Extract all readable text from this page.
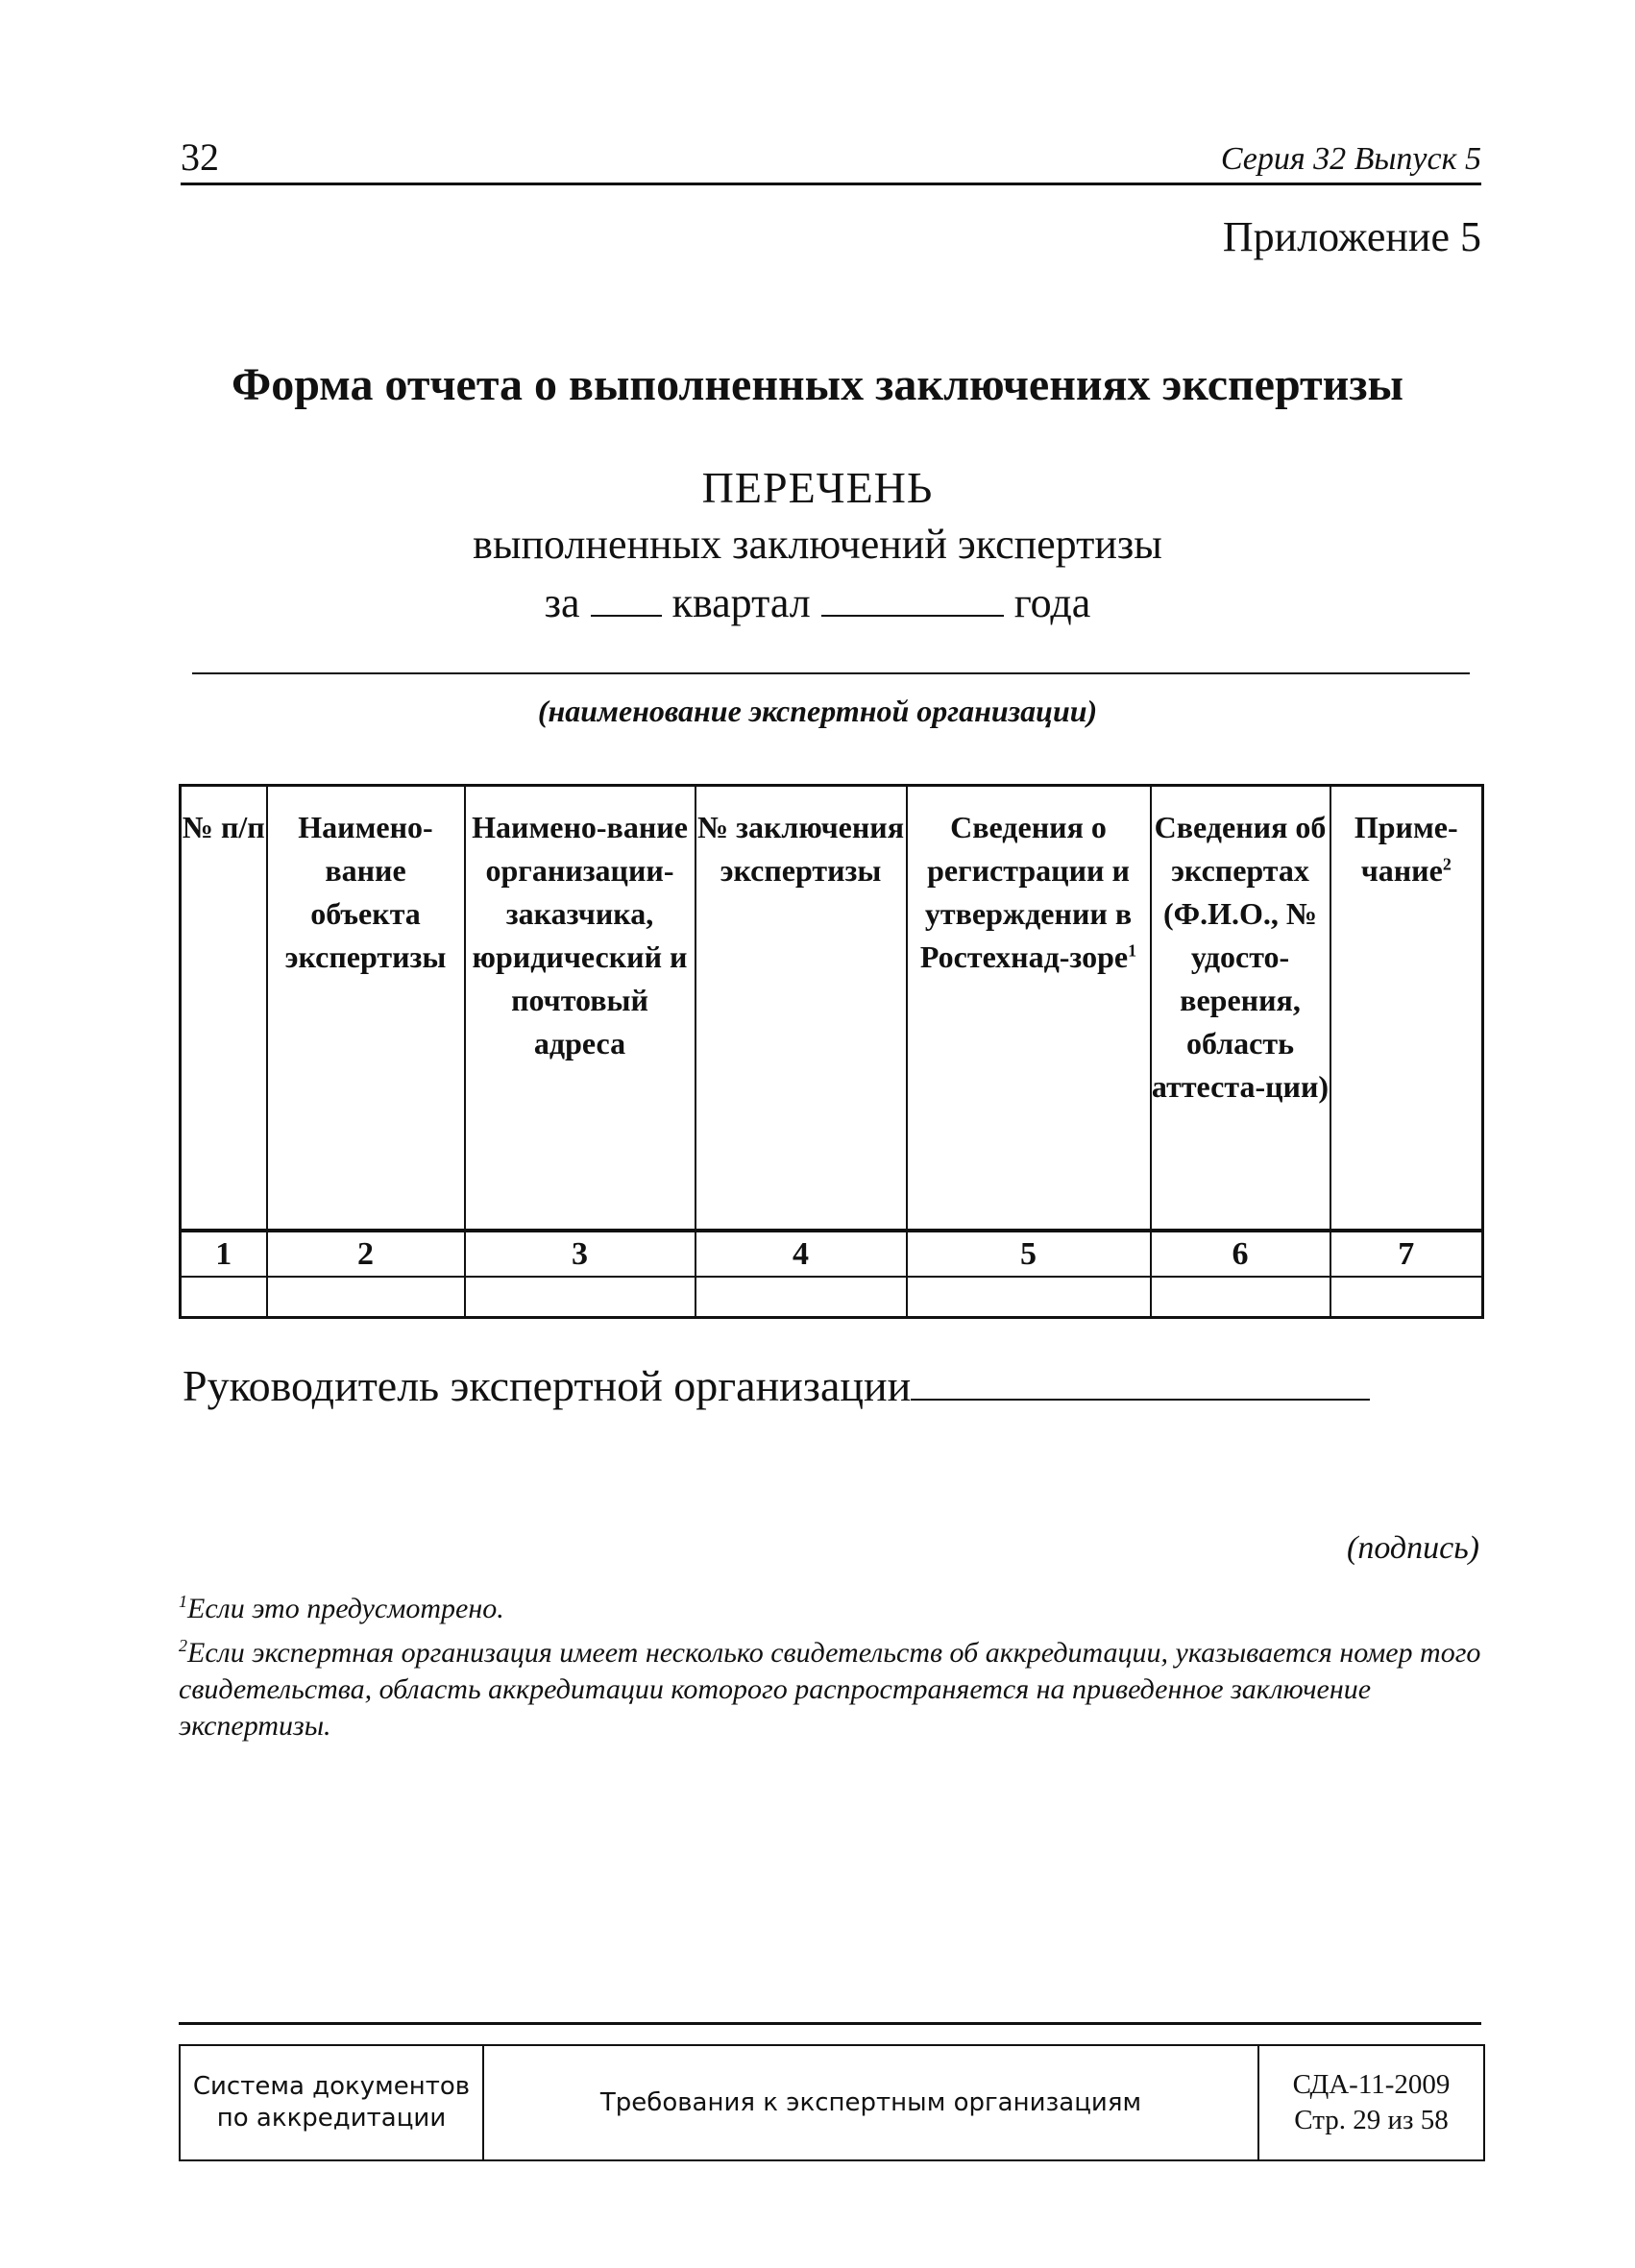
32	Серия 32 Выпуск 5
Приложение 5
Форма отчета о выполненных заключениях экспертизы
ПЕРЕЧЕНЬ
выполненных заключений экспертизы
за квартал	года
(наименование экспертной организации)
№ п/п	Наимено-вание объекта экспертизы	Наимено-вание организации-заказчика, юридический и почтовый адреса	№ заключения экспертизы	Сведения о регистрации и утверждении в Ростехнад-зоре$^1$	Сведения об экспертах (Ф.И.О., № удосто-верения, область аттеста-ции)	Приме-чание$^2$
1	2	3	4	5	6	7

Руководитель экспертной организации
(подпись)
$^1$Если это предусмотрено.
$^2$Если экспертная организация имеет несколько свидетельств об аккредитации, указывается номер того свидетельства, область аккредитации которого распространяется на приведенное заключение экспертизы.
Система документов по аккредитации
Требования к экспертным организациям
СДА-11-2009
Стр. 29 из 58
